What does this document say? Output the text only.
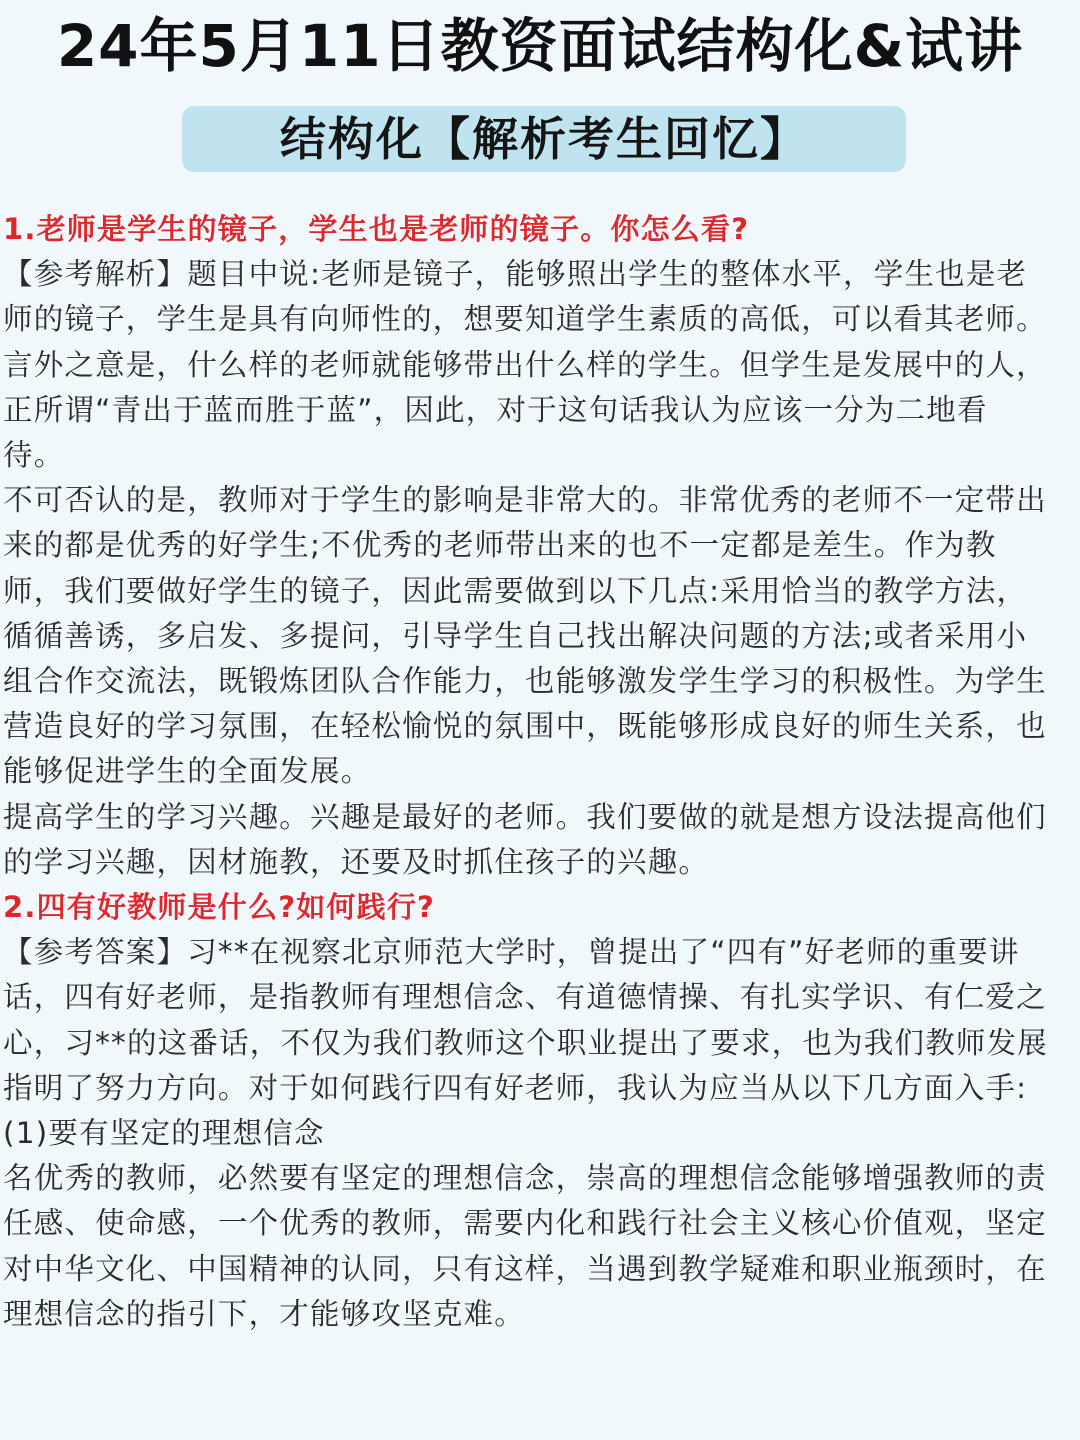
24年5月11日教资面试结构化&试讲
结构化【解析考生回忆】

1.老师是学生的镜子，学生也是老师的镜子。你怎么看?

【参考解析】题目中说:老师是镜子，能够照出学生的整体水平，学生也是老师的镜子，学生是具有向师性的，想要知道学生素质的高低，可以看其老师。言外之意是，什么样的老师就能够带出什么样的学生。但学生是发展中的人，正所谓“青出于蓝而胜于蓝”，因此，对于这句话我认为应该一分为二地看待。

不可否认的是，教师对于学生的影响是非常大的。非常优秀的老师不一定带出来的都是优秀的好学生;不优秀的老师带出来的也不一定都是差生。作为教师，我们要做好学生的镜子，因此需要做到以下几点:采用恰当的教学方法，循循善诱，多启发、多提问，引导学生自己找出解决问题的方法;或者采用小组合作交流法，既锻炼团队合作能力，也能够激发学生学习的积极性。为学生营造良好的学习氛围，在轻松愉悦的氛围中，既能够形成良好的师生关系，也能够促进学生的全面发展。

提高学生的学习兴趣。兴趣是最好的老师。我们要做的就是想方设法提高他们的学习兴趣，因材施教，还要及时抓住孩子的兴趣。

2.四有好教师是什么?如何践行?

【参考答案】习**在视察北京师范大学时，曾提出了“四有”好老师的重要讲话，四有好老师，是指教师有理想信念、有道德情操、有扎实学识、有仁爱之心，习**的这番话，不仅为我们教师这个职业提出了要求，也为我们教师发展指明了努力方向。对于如何践行四有好老师，我认为应当从以下几方面入手:

(1)要有坚定的理想信念

名优秀的教师，必然要有坚定的理想信念，崇高的理想信念能够增强教师的责任感、使命感，一个优秀的教师，需要内化和践行社会主义核心价值观，坚定对中华文化、中国精神的认同，只有这样，当遇到教学疑难和职业瓶颈时，在理想信念的指引下，才能够攻坚克难。
